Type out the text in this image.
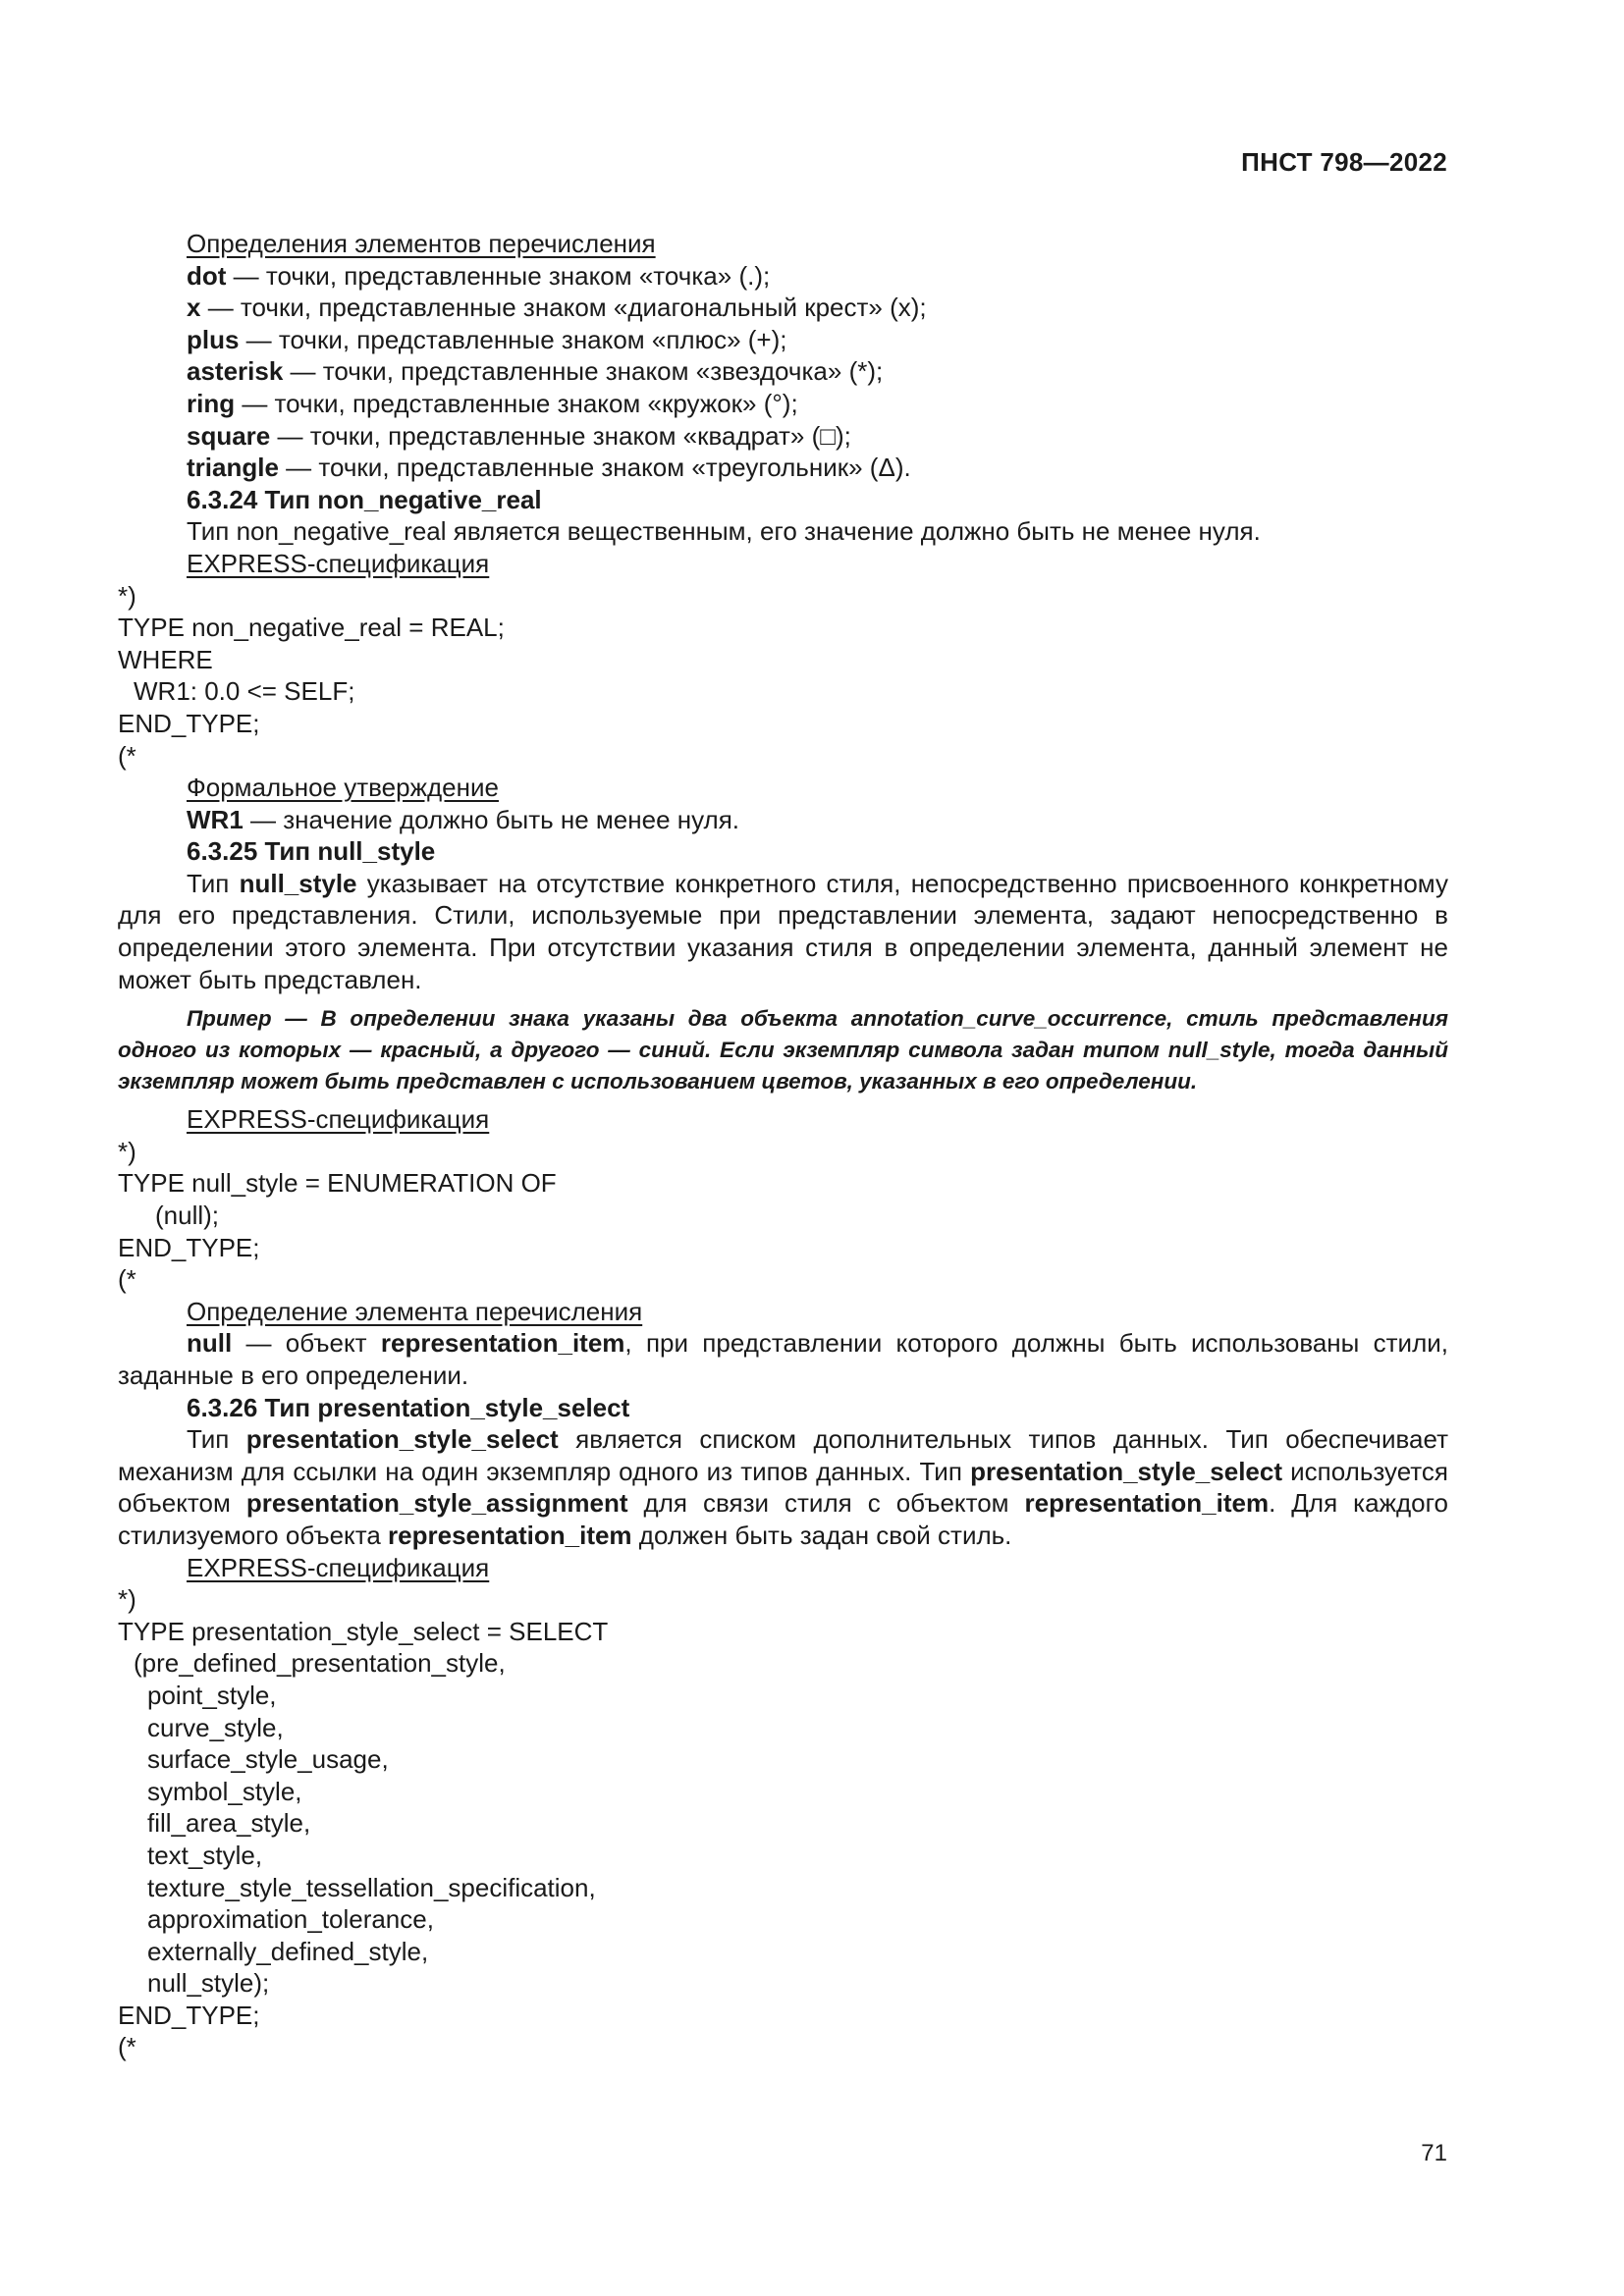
ПНСТ 798—2022
Определения элементов перечисления
dot — точки, представленные знаком «точка» (.);
x — точки, представленные знаком «диагональный крест» (х);
plus — точки, представленные знаком «плюс» (+);
asterisk — точки, представленные знаком «звездочка» (*);
ring — точки, представленные знаком «кружок» (°);
square — точки, представленные знаком «квадрат» (□);
triangle — точки, представленные знаком «треугольник» (Δ).
6.3.24 Тип non_negative_real
Тип non_negative_real является вещественным, его значение должно быть не менее нуля.
EXPRESS-спецификация
*)
TYPE non_negative_real = REAL;
WHERE
WR1: 0.0 <= SELF;
END_TYPE;
(*
Формальное утверждение
WR1 — значение должно быть не менее нуля.
6.3.25 Тип null_style
Тип null_style указывает на отсутствие конкретного стиля, непосредственно присвоенного конкретному для его представления. Стили, используемые при представлении элемента, задают непосредственно в определении этого элемента. При отсутствии указания стиля в определении элемента, данный элемент не может быть представлен.
Пример — В определении знака указаны два объекта annotation_curve_occurrence, стиль представления одного из которых — красный, а другого — синий. Если экземпляр символа задан типом null_style, тогда данный экземпляр может быть представлен с использованием цветов, указанных в его определении.
EXPRESS-спецификация
*)
TYPE null_style = ENUMERATION OF
(null);
END_TYPE;
(*
Определение элемента перечисления
null — объект representation_item, при представлении которого должны быть использованы стили, заданные в его определении.
6.3.26 Тип presentation_style_select
Тип presentation_style_select является списком дополнительных типов данных. Тип обеспечивает механизм для ссылки на один экземпляр одного из типов данных. Тип presentation_style_select используется объектом presentation_style_assignment для связи стиля с объектом representation_item. Для каждого стилизуемого объекта representation_item должен быть задан свой стиль.
EXPRESS-спецификация
*)
TYPE presentation_style_select = SELECT
(pre_defined_presentation_style,
point_style,
curve_style,
surface_style_usage,
symbol_style,
fill_area_style,
text_style,
texture_style_tessellation_specification,
approximation_tolerance,
externally_defined_style,
null_style);
END_TYPE;
(*
71
